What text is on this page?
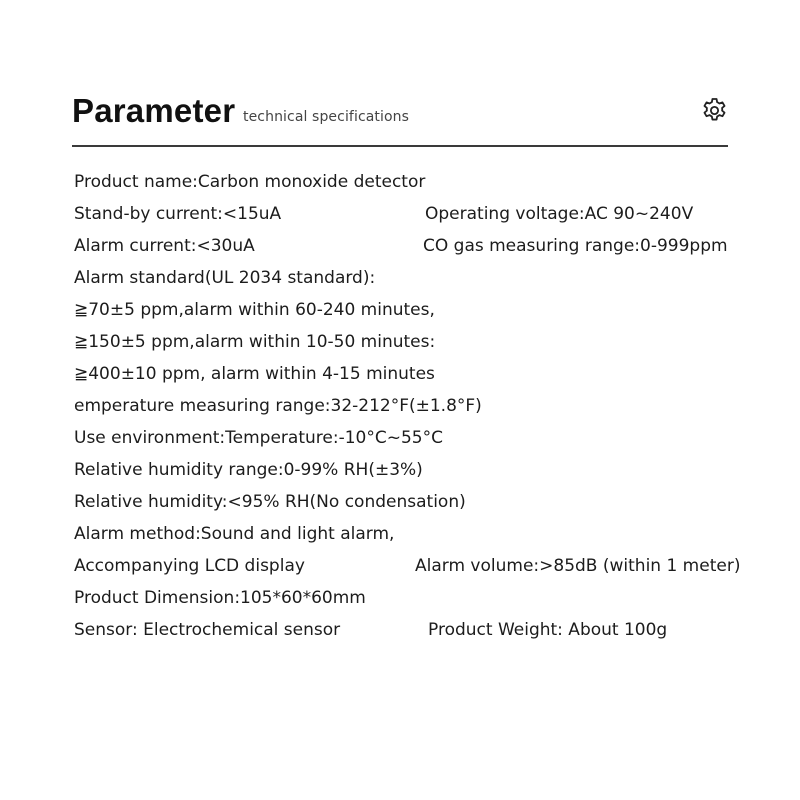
Parameter technical specifications
Product name:Carbon monoxide detector
Stand-by current:<15uA	Operating voltage:AC 90~240V
Alarm current:<30uA	CO gas measuring range:0-999ppm
Alarm standard(UL 2034 standard):
≧70±5 ppm,alarm within 60-240 minutes,
≧150±5 ppm,alarm within 10-50 minutes:
≧400±10 ppm, alarm within 4-15 minutes
emperature measuring range:32-212°F(±1.8°F)
Use environment:Temperature:-10°C~55°C
Relative humidity range:0-99% RH(±3%)
Relative humidity:<95% RH(No condensation)
Alarm method:Sound and light alarm,
Accompanying LCD display	Alarm volume:>85dB (within 1 meter)
Product Dimension:105*60*60mm
Sensor: Electrochemical sensor	Product Weight: About 100g
